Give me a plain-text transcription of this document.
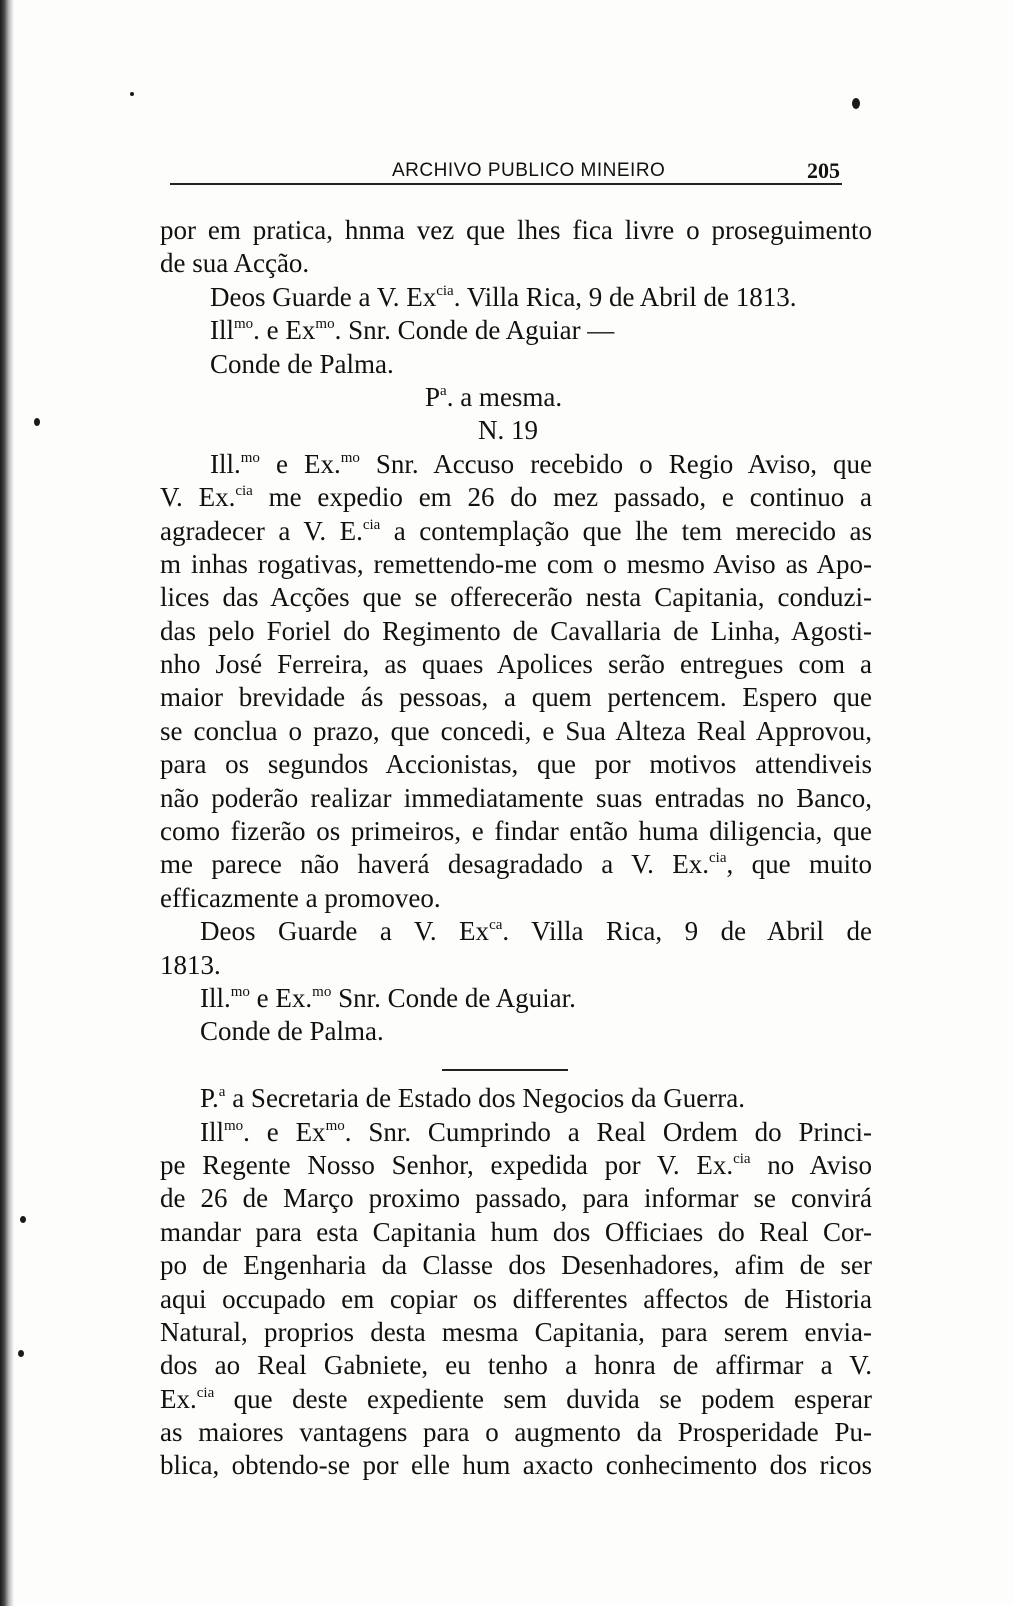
ARCHIVO PUBLICO MINEIRO	205
por em pratica, hnma vez que lhes fica livre o proseguimento
de sua Acção.
Deos Guarde a V. $Ex^{cia}$. Villa Rica, 9 de Abril de 1813.
Ill$^{mo}$. e $Ex^{mo}$. Snr. Conde de Aguiar —
Conde de Palma.
$P^a$. a mesma.
N. 19
Ill.$^{mo}$ e Ex.$^{mo}$ Snr. Accuso recebido o Regio Aviso, que
V. Ex.$^{cia}$ me expedio em 26 do mez passado, e continuo a
agradecer a V. E.$^{cia}$ a contemplação que lhe tem merecido as
m inhas rogativas, remettendo-me com o mesmo Aviso as Apo-
lices das Acções que se offerecerão nesta Capitania, conduzi-
das pelo Foriel do Regimento de Cavallaria de Linha, Agosti-
nho José Ferreira, as quaes Apolices serão entregues com a
maior brevidade ás pessoas, a quem pertencem. Espero que
se conclua o prazo, que concedi, e Sua Alteza Real Approvou,
para os segundos Accionistas, que por motivos attendiveis
não poderão realizar immediatamente suas entradas no Banco,
como fizerão os primeiros, e findar então huma diligencia, que
me parece não haverá desagradado a V. Ex.$^{cia}$, que muito
efficazmente a promoveo.
Deos Guarde a V. $Ex^{ca}$. Villa Rica, 9 de Abril de
1813.
Ill.$^{mo}$ e Ex.$^{mo}$ Snr. Conde de Aguiar.
Conde de Palma.
P.$^a$ a Secretaria de Estado dos Negocios da Guerra.
Ill$^{mo}$. e $Ex^{mo}$. Snr. Cumprindo a Real Ordem do Princi-
pe Regente Nosso Senhor, expedida por V. Ex.$^{cia}$ no Aviso
de 26 de Março proximo passado, para informar se convirá
mandar para esta Capitania hum dos Officiaes do Real Cor-
po de Engenharia da Classe dos Desenhadores, afim de ser
aqui occupado em copiar os differentes affectos de Historia
Natural, proprios desta mesma Capitania, para serem envia-
dos ao Real Gabniete, eu tenho a honra de affirmar a V.
Ex.$^{cia}$ que deste expediente sem duvida se podem esperar
as maiores vantagens para o augmento da Prosperidade Pu-
blica, obtendo-se por elle hum axacto conhecimento dos ricos
